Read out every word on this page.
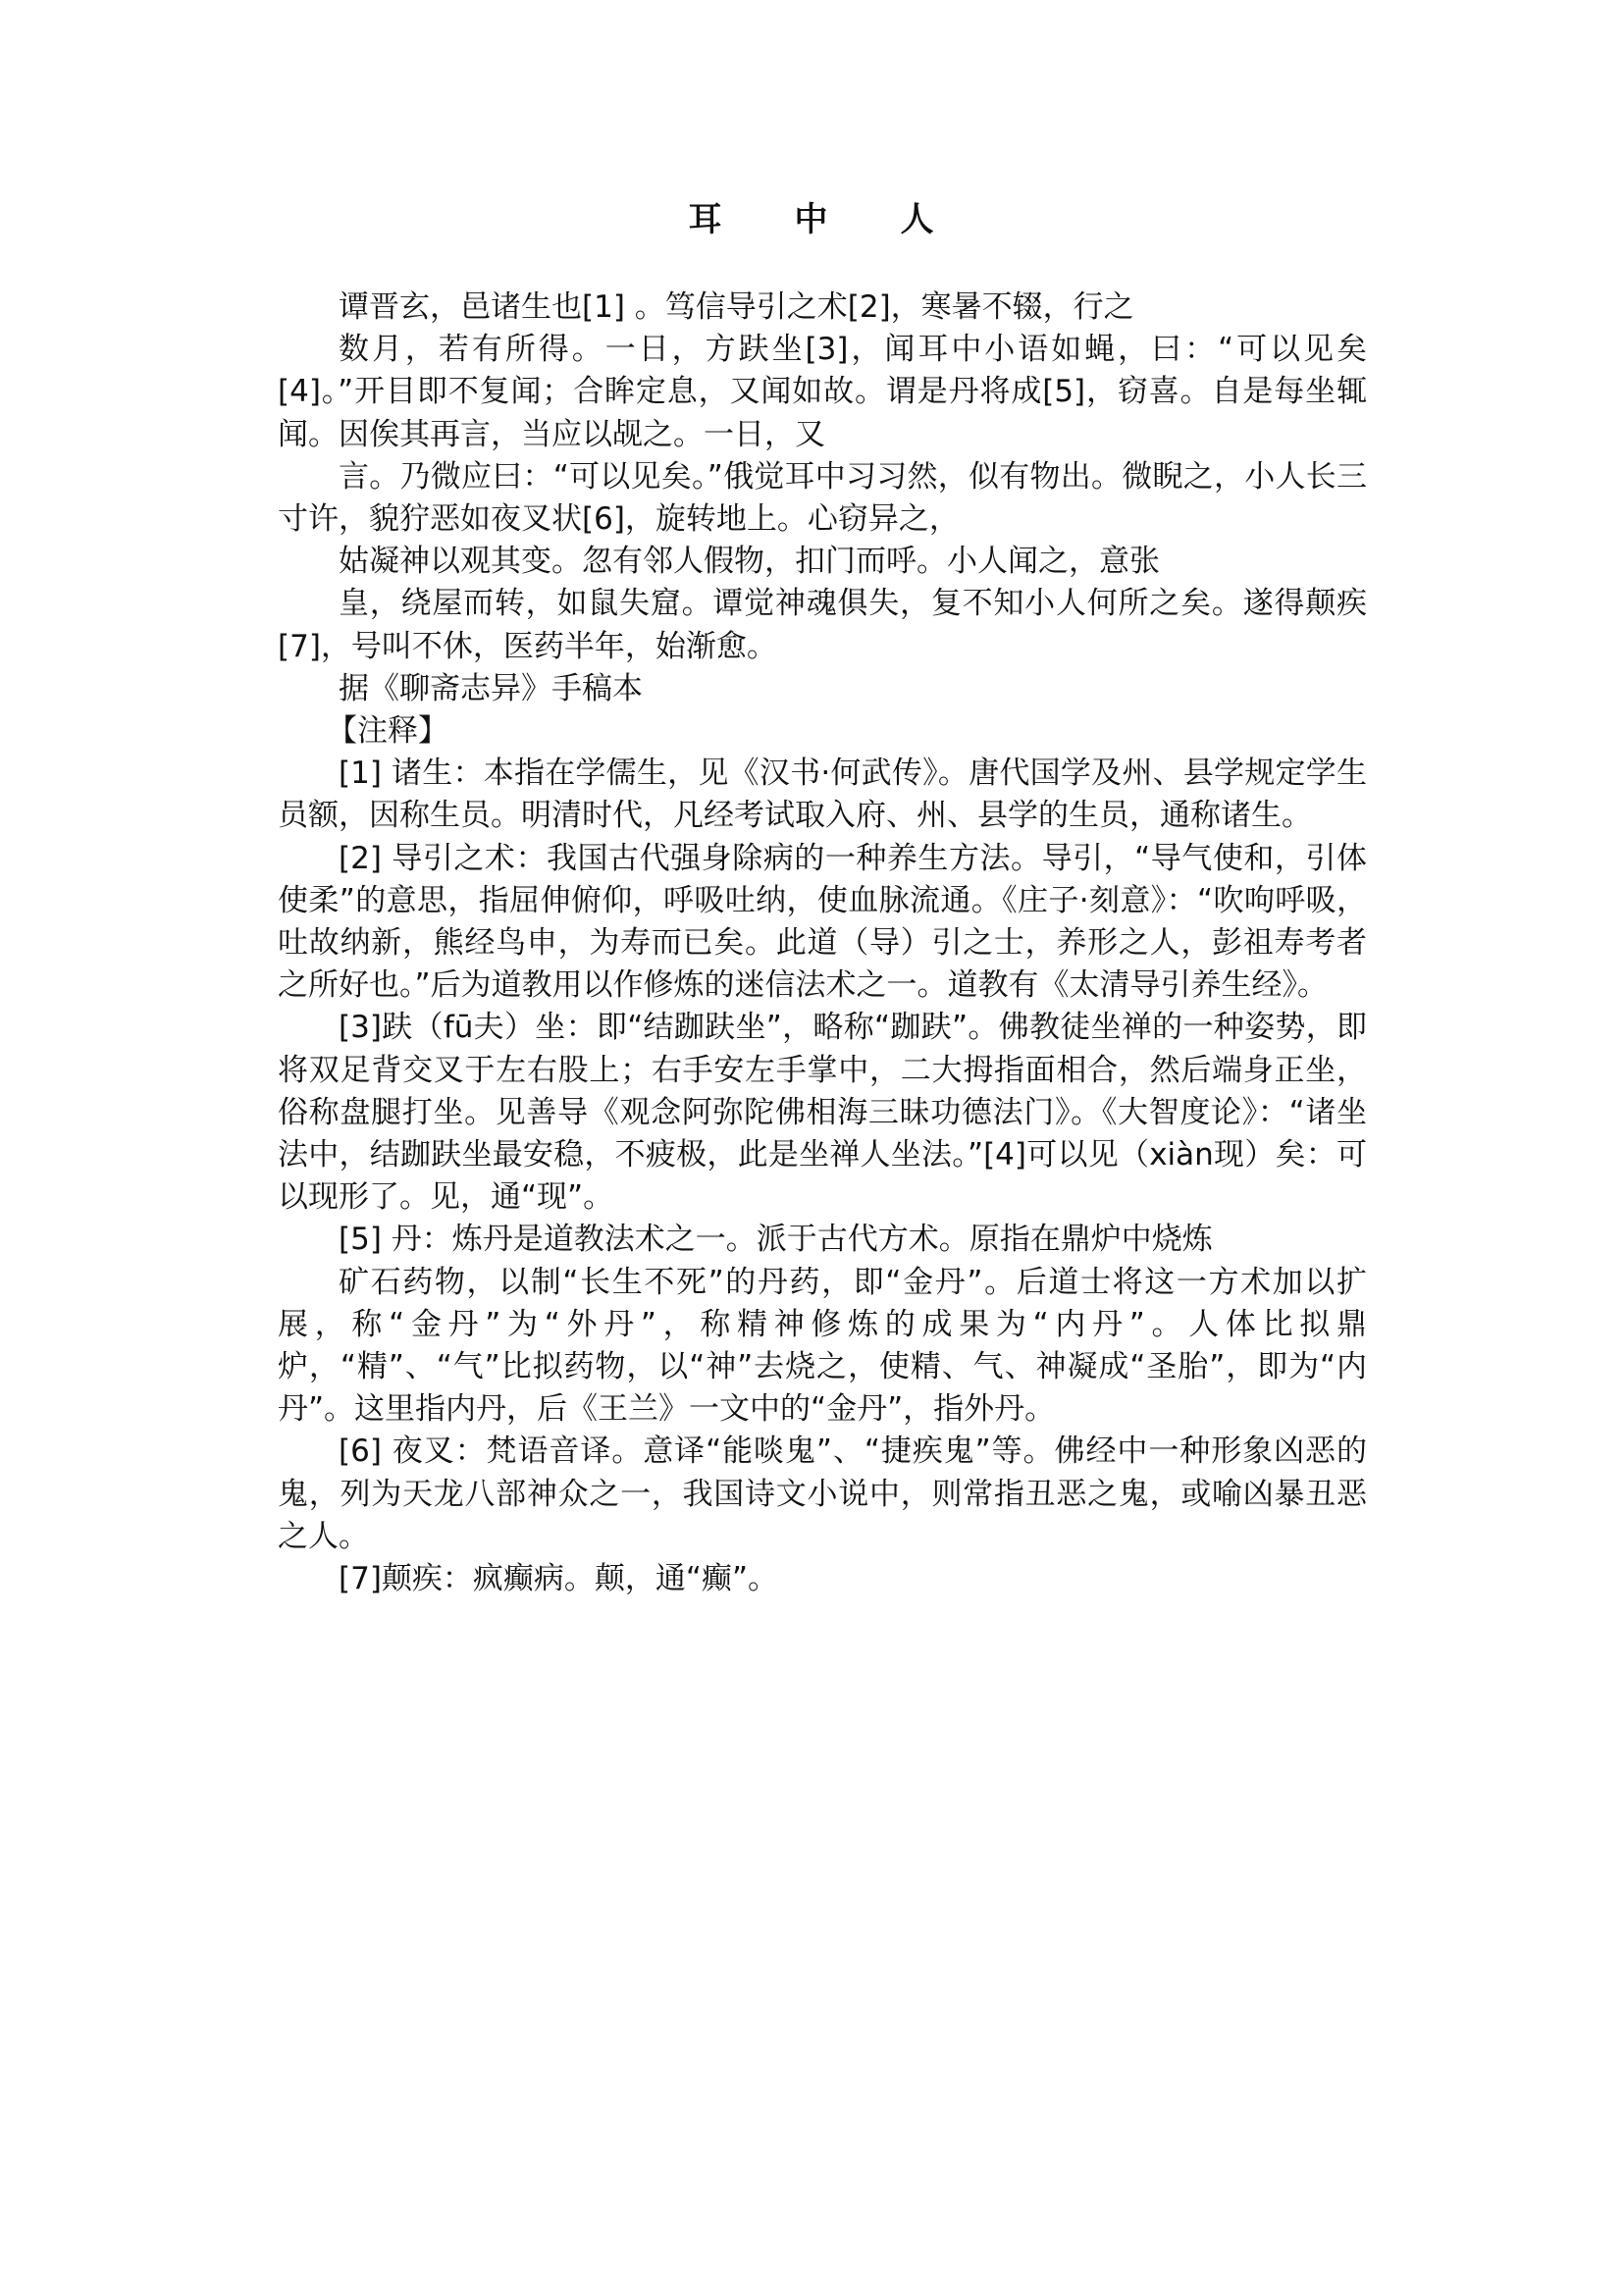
耳　　中　　人

谭晋玄，邑诸生也[1] 。笃信导引之术[2]，寒暑不辍，行之

数月，若有所得。一日，方趺坐[3]，闻耳中小语如蝇，曰：“可以见矣[4]。”开目即不复闻；合眸定息，又闻如故。谓是丹将成[5]，窃喜。自是每坐辄闻。因俟其再言，当应以觇之。一日，又

言。乃微应曰：“可以见矣。”俄觉耳中习习然，似有物出。微睨之，小人长三寸许，貌狞恶如夜叉状[6]，旋转地上。心窃异之，

姑凝神以观其变。忽有邻人假物，扣门而呼。小人闻之，意张

皇，绕屋而转，如鼠失窟。谭觉神魂俱失，复不知小人何所之矣。遂得颠疾[7]，号叫不休，医药半年，始渐愈。

据《聊斋志异》手稿本

【注释】

[1] 诸生：本指在学儒生，见《汉书·何武传》。唐代国学及州、县学规定学生员额，因称生员。明清时代，凡经考试取入府、州、县学的生员，通称诸生。

[2] 导引之术：我国古代强身除病的一种养生方法。导引，“导气使和，引体使柔”的意思，指屈伸俯仰，呼吸吐纳，使血脉流通。《庄子·刻意》：“吹呴呼吸，吐故纳新，熊经鸟申，为寿而已矣。此道（导）引之士，养形之人，彭祖寿考者之所好也。”后为道教用以作修炼的迷信法术之一。道教有《太清导引养生经》。

[3]趺（fū夫）坐：即“结跏趺坐”，略称“跏趺”。佛教徒坐禅的一种姿势，即将双足背交叉于左右股上；右手安左手掌中，二大拇指面相合，然后端身正坐，俗称盘腿打坐。见善导《观念阿弥陀佛相海三昧功德法门》。《大智度论》：“诸坐法中，结跏趺坐最安稳，不疲极，此是坐禅人坐法。”[4]可以见（xiàn现）矣：可以现形了。见，通“现”。

[5] 丹：炼丹是道教法术之一。派于古代方术。原指在鼎炉中烧炼

矿石药物，以制“长生不死”的丹药，即“金丹”。后道士将这一方术加以扩展，称“金丹”为“外丹”，称精神修炼的成果为“内丹”。人体比拟鼎炉，“精”、“气”比拟药物，以“神”去烧之，使精、气、神凝成“圣胎”，即为“内丹”。这里指内丹，后《王兰》一文中的“金丹”，指外丹。

[6] 夜叉：梵语音译。意译“能啖鬼”、“捷疾鬼”等。佛经中一种形象凶恶的鬼，列为天龙八部神众之一，我国诗文小说中，则常指丑恶之鬼，或喻凶暴丑恶之人。

[7]颠疾：疯癫病。颠，通“癫”。
